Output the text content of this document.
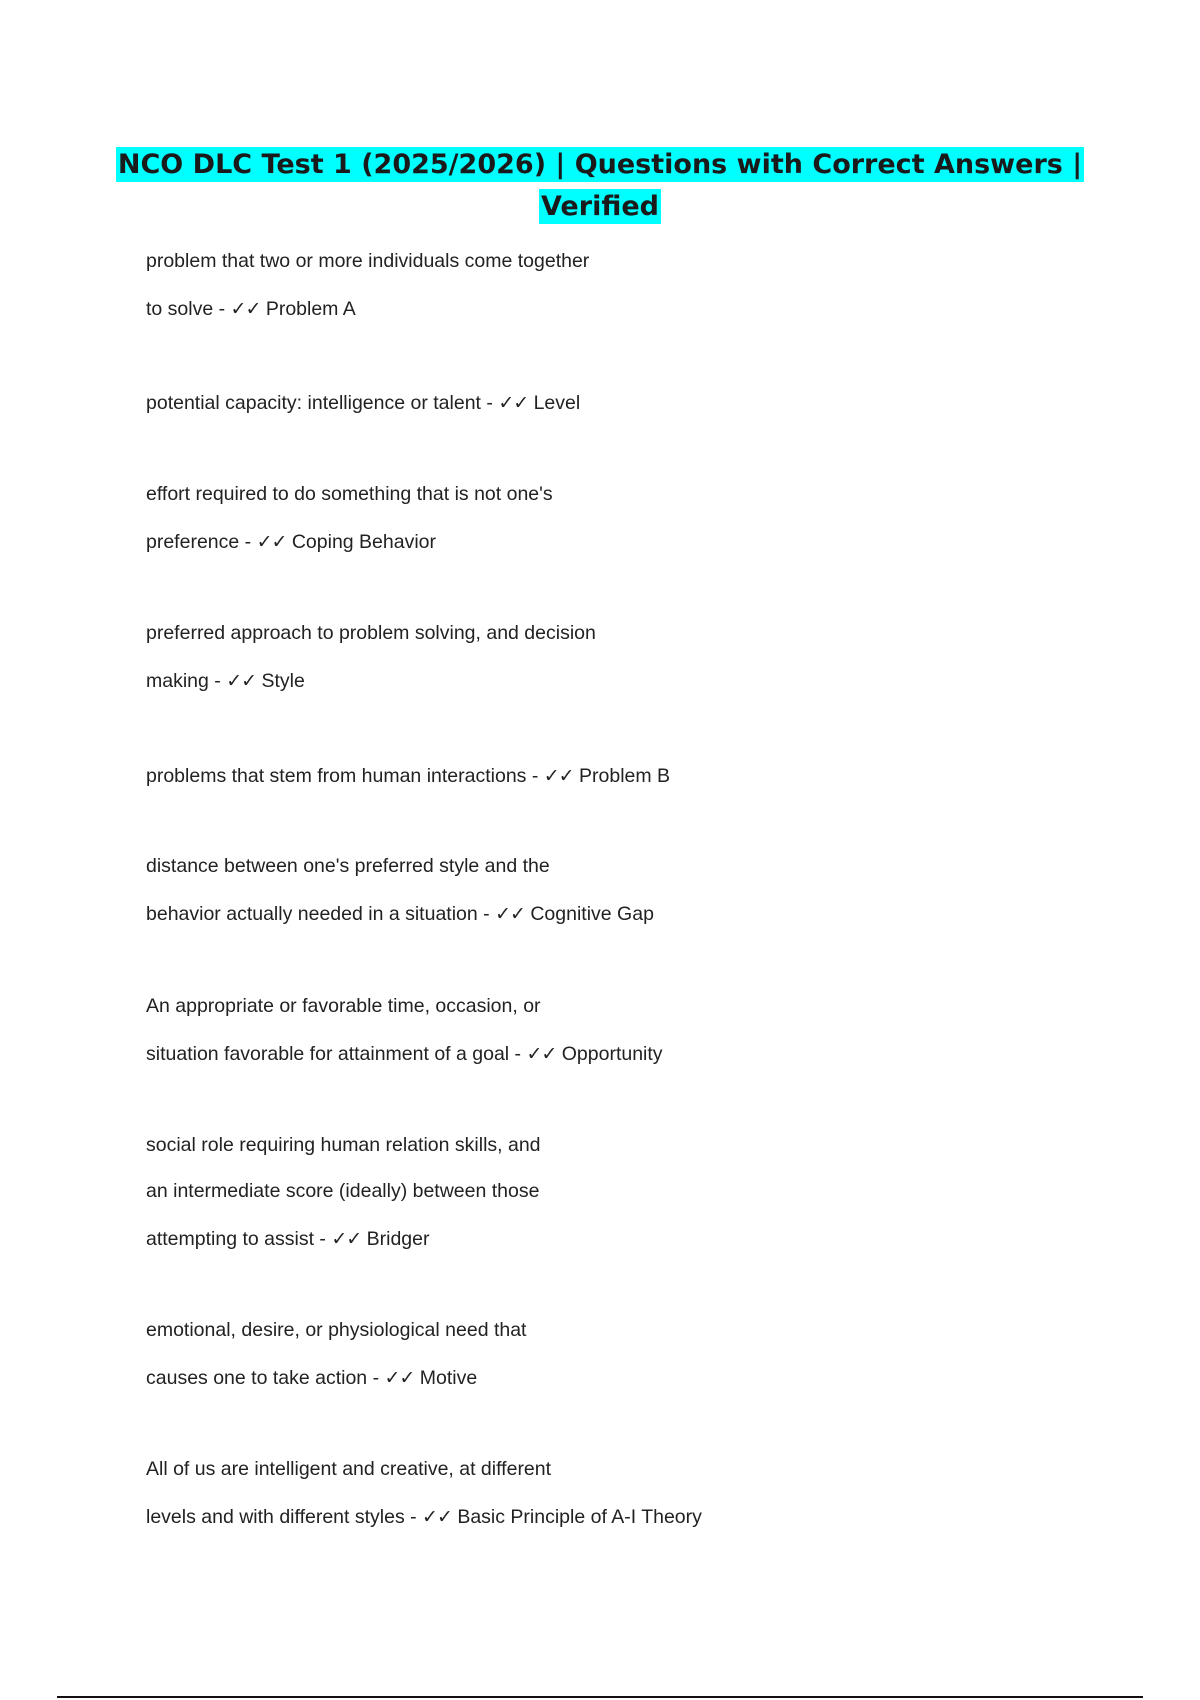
NCO DLC Test 1 (2025/2026) | Questions with Correct Answers |
Verified
problem that two or more individuals come together
to solve - ✓✓ Problem A
potential capacity: intelligence or talent - ✓✓ Level
effort required to do something that is not one's
preference - ✓✓ Coping Behavior
preferred approach to problem solving, and decision
making - ✓✓ Style
problems that stem from human interactions - ✓✓ Problem B
distance between one's preferred style and the
behavior actually needed in a situation - ✓✓ Cognitive Gap
An appropriate or favorable time, occasion, or
situation favorable for attainment of a goal - ✓✓ Opportunity
social role requiring human relation skills, and
an intermediate score (ideally) between those
attempting to assist - ✓✓ Bridger
emotional, desire, or physiological need that
causes one to take action - ✓✓ Motive
All of us are intelligent and creative, at different
levels and with different styles - ✓✓ Basic Principle of A-I Theory
